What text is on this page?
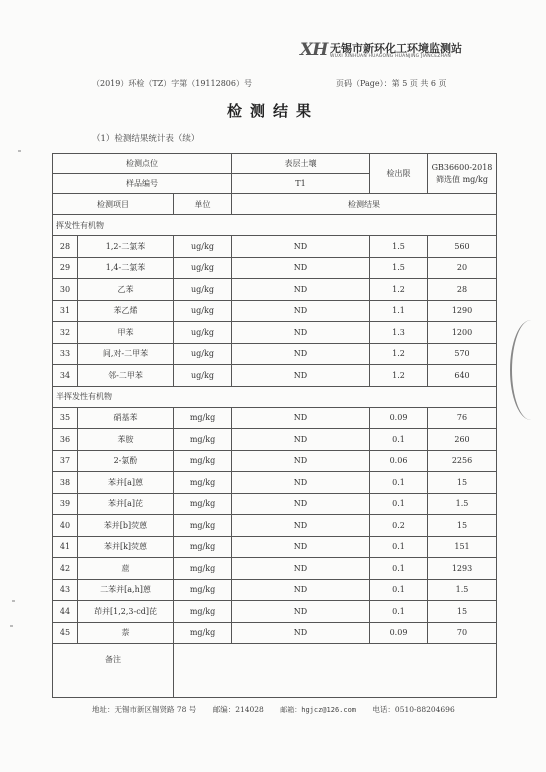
XH 无锡市新环化工环境监测站
WUXI XINHUAN HUAGONG HUANJING JIANCEZHAN
（2019）环检（TZ）字第（19112806）号	页码（Page）：第 5 页 共 6 页
检测结果
（1）检测结果统计表（续）
检测点位			表层土壤	检出限	GB36600-2018 筛选值 mg/kg
样品编号			T1		
检测项目		单位	检测结果		
挥发性有机物					
28	1,2-二氯苯	ug/kg	ND	1.5	560
29	1,4-二氯苯	ug/kg	ND	1.5	20
30	乙苯	ug/kg	ND	1.2	28
31	苯乙烯	ug/kg	ND	1.1	1290
32	甲苯	ug/kg	ND	1.3	1200
33	间,对-二甲苯	ug/kg	ND	1.2	570
34	邻-二甲苯	ug/kg	ND	1.2	640
半挥发性有机物					
35	硝基苯	mg/kg	ND	0.09	76
36	苯胺	mg/kg	ND	0.1	260
37	2-氯酚	mg/kg	ND	0.06	2256
38	苯并[a]蒽	mg/kg	ND	0.1	15
39	苯并[a]芘	mg/kg	ND	0.1	1.5
40	苯并[b]荧蒽	mg/kg	ND	0.2	15
41	苯并[k]荧蒽	mg/kg	ND	0.1	151
42	䓛	mg/kg	ND	0.1	1293
43	二苯并[a,h]蒽	mg/kg	ND	0.1	1.5
44	茚并[1,2,3-cd]芘	mg/kg	ND	0.1	15
45	萘	mg/kg	ND	0.09	70
备注					
地址：无锡市新区锡贤路 78 号 邮编：214028 邮箱：hgjcz@126.com 电话：0510-88204696
